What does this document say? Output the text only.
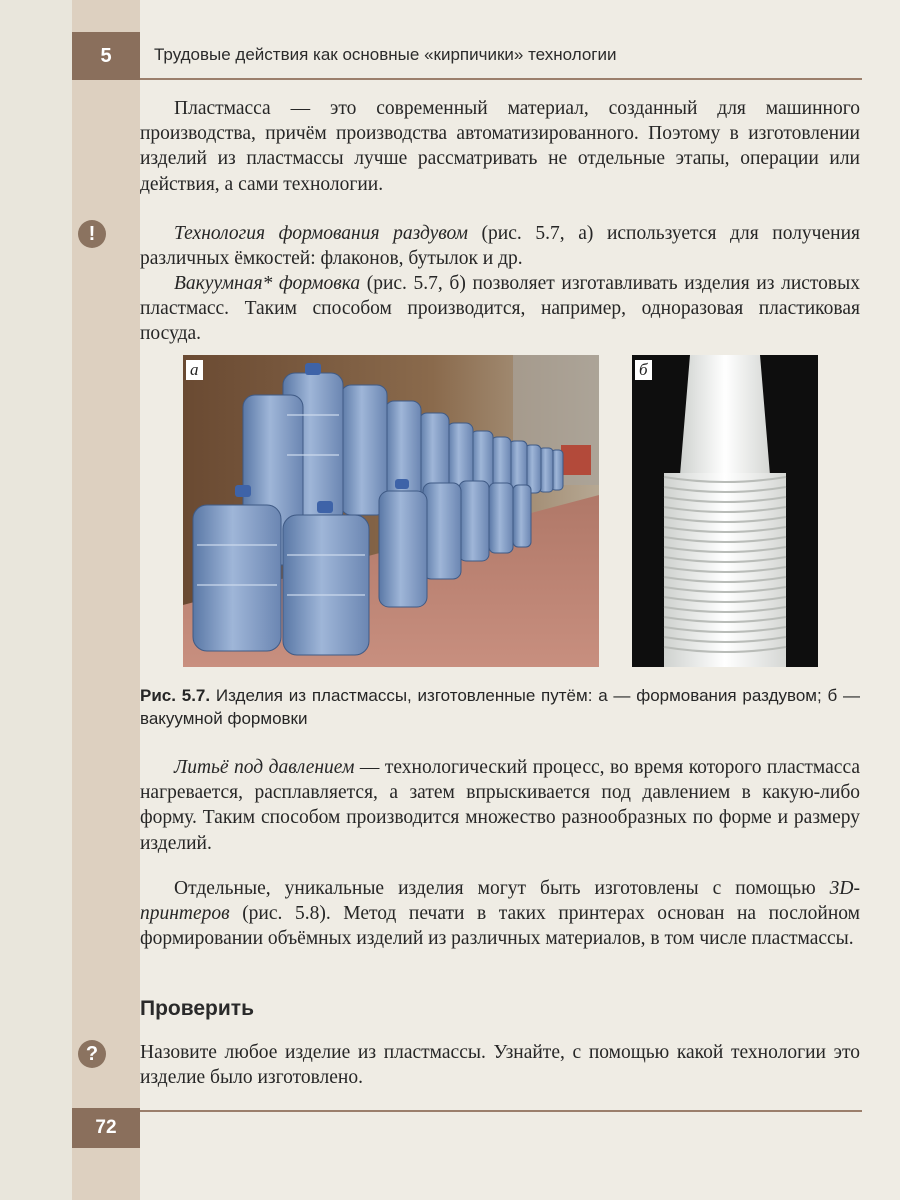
5	Трудовые действия как основные «кирпичики» технологии
Пластмасса — это современный материал, созданный для машинного производства, причём производства автоматизированного. Поэтому в изготовлении изделий из пластмассы лучше рассматривать не отдельные этапы, операции или действия, а сами технологии.
!	Технология формования раздувом (рис. 5.7, а) используется для получения различных ёмкостей: флаконов, бутылок и др.
Вакуумная* формовка (рис. 5.7, б) позволяет изготавливать изделия из листовых пластмасс. Таким способом производится, например, одноразовая пластиковая посуда.
а	б
Рис. 5.7. Изделия из пластмассы, изготовленные путём: а — формования раздувом; б — вакуумной формовки
Литьё под давлением — технологический процесс, во время которого пластмасса нагревается, расплавляется, а затем впрыскивается под давлением в какую-либо форму. Таким способом производится множество разнообразных по форме и размеру изделий.
Отдельные, уникальные изделия могут быть изготовлены с помощью 3D-принтеров (рис. 5.8). Метод печати в таких принтерах основан на послойном формировании объёмных изделий из различных материалов, в том числе пластмассы.
Проверить
?	Назовите любое изделие из пластмассы. Узнайте, с помощью какой технологии это изделие было изготовлено.
72
